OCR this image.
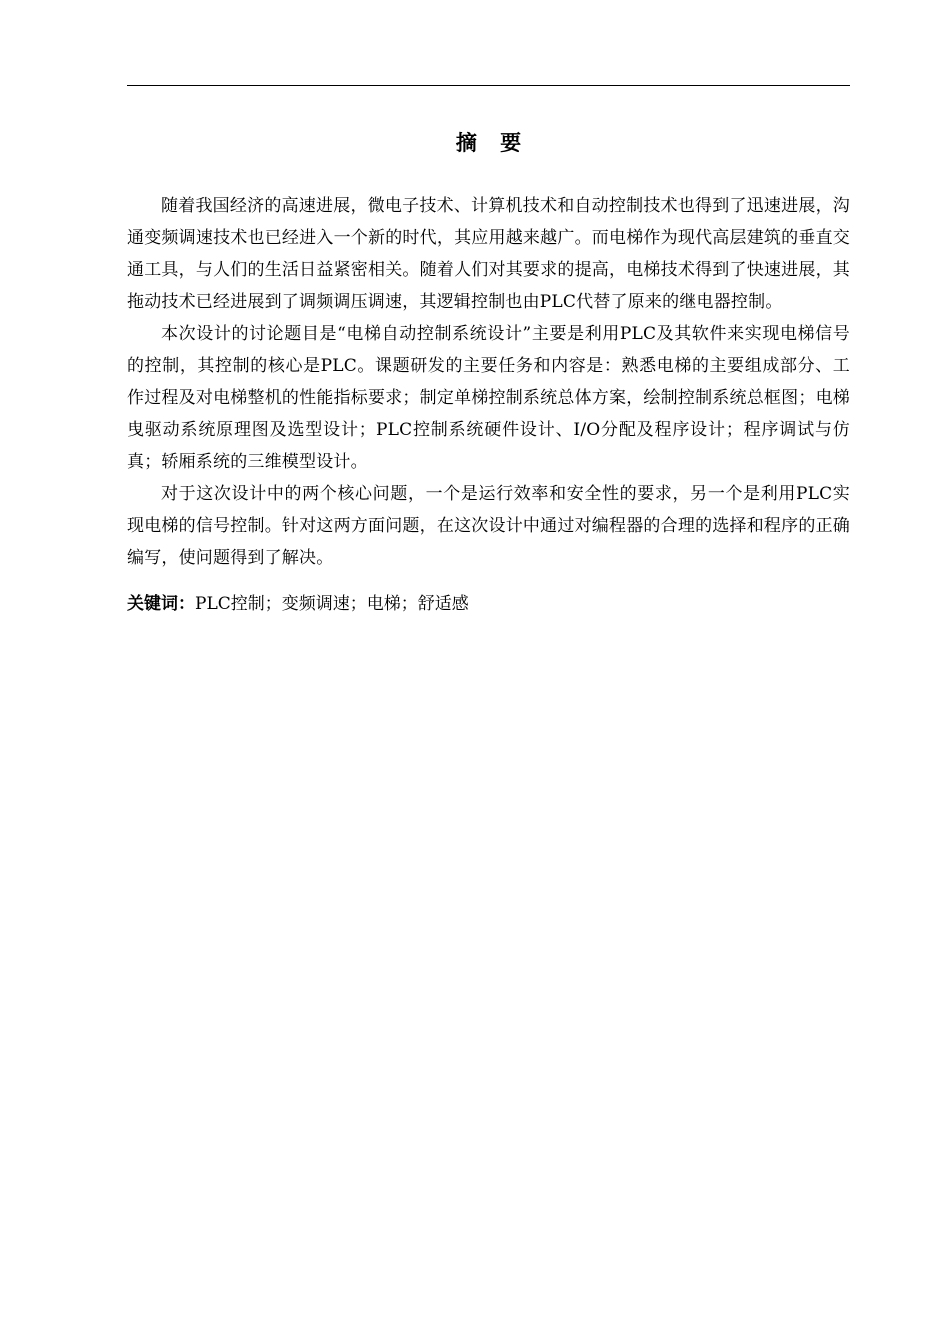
摘 要

随着我国经济的高速进展，微电子技术、计算机技术和自动控制技术也得到了迅速进展，沟通变频调速技术也已经进入一个新的时代，其应用越来越广。而电梯作为现代高层建筑的垂直交通工具，与人们的生活日益紧密相关。随着人们对其要求的提高，电梯技术得到了快速进展，其拖动技术已经进展到了调频调压调速，其逻辑控制也由PLC代替了原来的继电器控制。

本次设计的讨论题目是“电梯自动控制系统设计”主要是利用PLC及其软件来实现电梯信号的控制，其控制的核心是PLC。课题研发的主要任务和内容是：熟悉电梯的主要组成部分、工作过程及对电梯整机的性能指标要求；制定单梯控制系统总体方案，绘制控制系统总框图；电梯曳驱动系统原理图及选型设计；PLC控制系统硬件设计、I/O分配及程序设计；程序调试与仿真；轿厢系统的三维模型设计。

对于这次设计中的两个核心问题，一个是运行效率和安全性的要求，另一个是利用PLC实现电梯的信号控制。针对这两方面问题，在这次设计中通过对编程器的合理的选择和程序的正确编写，使问题得到了解决。

关键词：PLC控制；变频调速；电梯；舒适感
